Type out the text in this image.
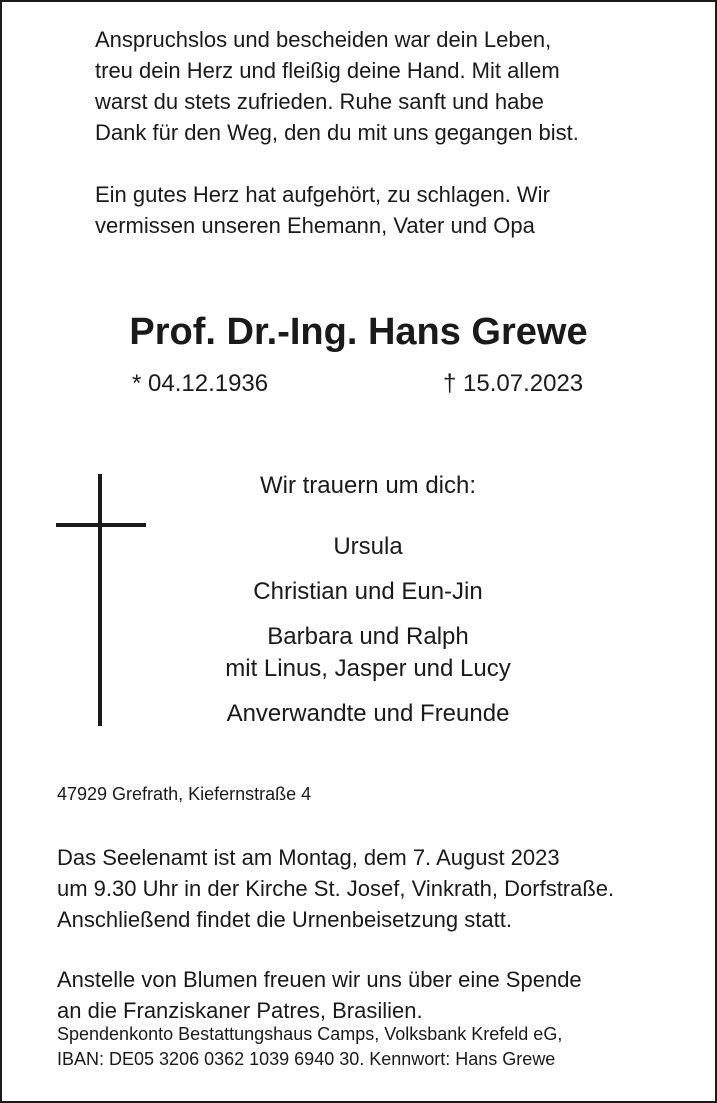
Anspruchslos und bescheiden war dein Leben,
treu dein Herz und fleißig deine Hand. Mit allem
warst du stets zufrieden. Ruhe sanft und habe
Dank für den Weg, den du mit uns gegangen bist.

Ein gutes Herz hat aufgehört, zu schlagen. Wir
vermissen unseren Ehemann, Vater und Opa

Prof. Dr.-Ing. Hans Grewe
* 04.12.1936	† 15.07.2023

Wir trauern um dich:

Ursula
Christian und Eun-Jin
Barbara und Ralph
mit Linus, Jasper und Lucy
Anverwandte und Freunde
47929 Grefrath, Kiefernstraße 4
Das Seelenamt ist am Montag, dem 7. August 2023
um 9.30 Uhr in der Kirche St. Josef, Vinkrath, Dorfstraße.
Anschließend findet die Urnenbeisetzung statt.
Anstelle von Blumen freuen wir uns über eine Spende
an die Franziskaner Patres, Brasilien.
Spendenkonto Bestattungshaus Camps, Volksbank Krefeld eG,
IBAN: DE05 3206 0362 1039 6940 30. Kennwort: Hans Grewe
